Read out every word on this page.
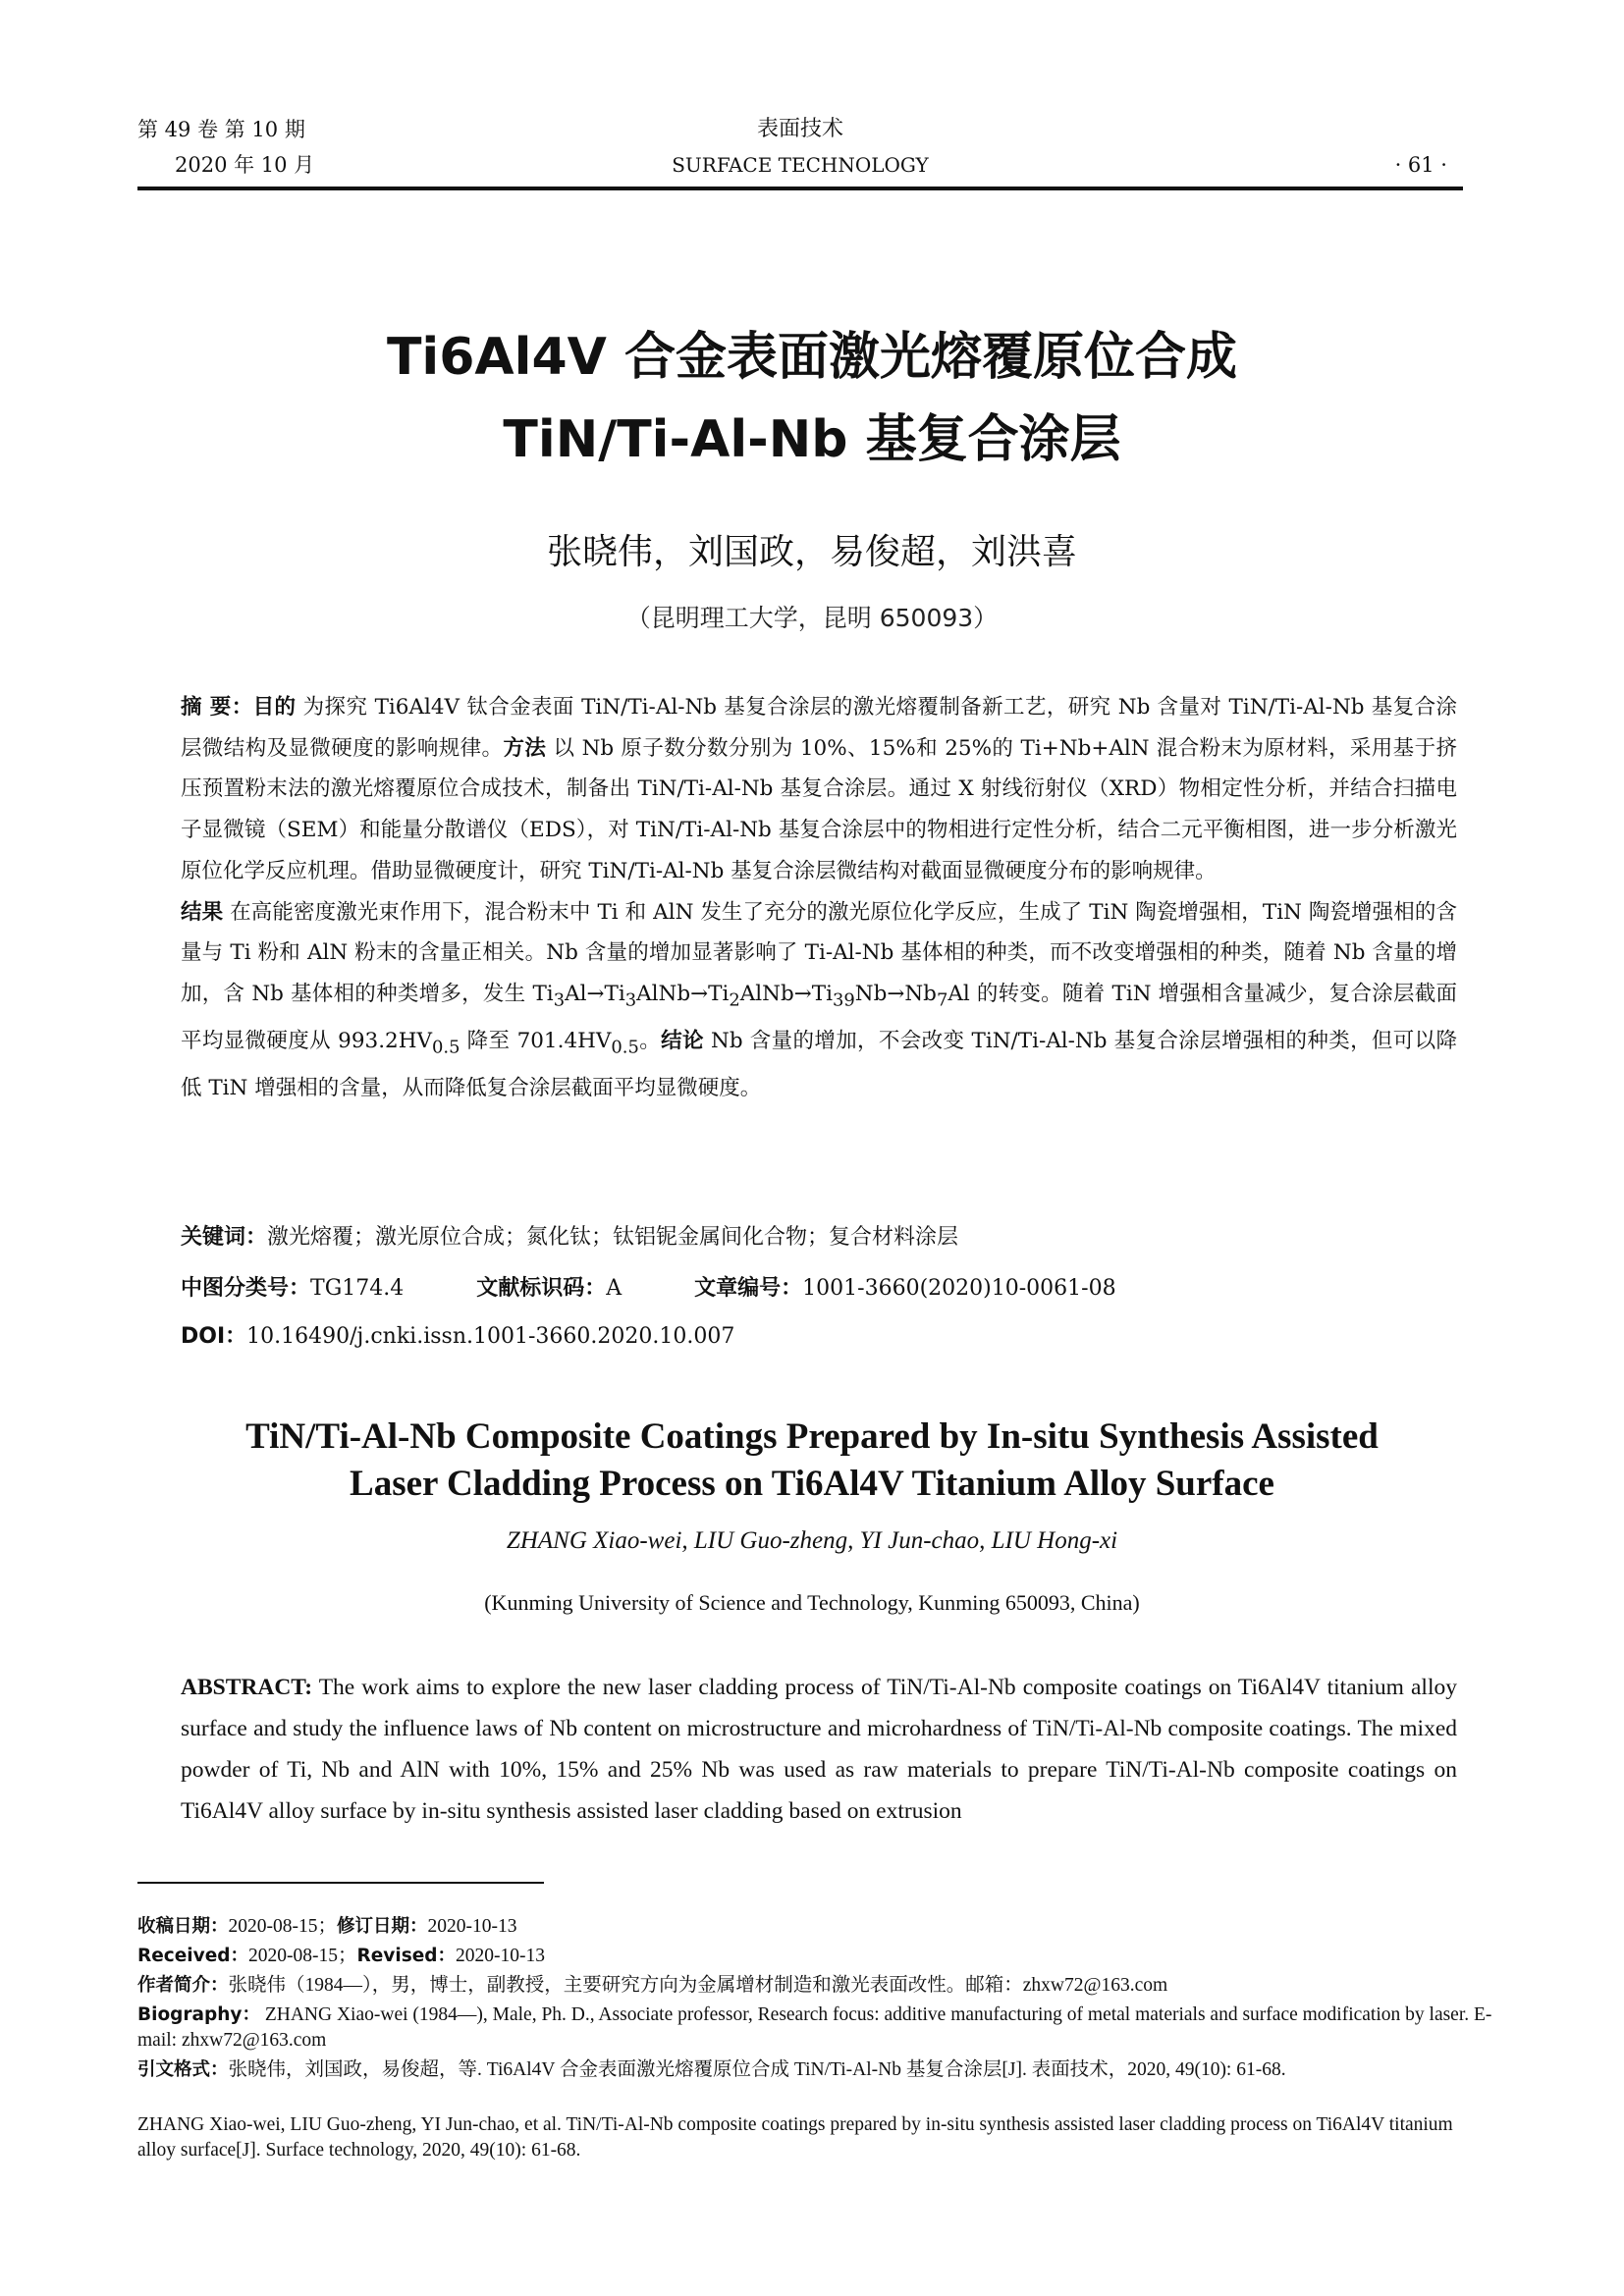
第 49 卷 第 10 期
2020 年 10 月
表面技术
SURFACE TECHNOLOGY	· 61 ·
Ti6Al4V 合金表面激光熔覆原位合成
TiN/Ti-Al-Nb 基复合涂层
张晓伟，刘国政，易俊超，刘洪喜
（昆明理工大学，昆明 650093）
摘 要：目的 为探究 Ti6Al4V 钛合金表面 TiN/Ti-Al-Nb 基复合涂层的激光熔覆制备新工艺，研究 Nb 含量对 TiN/Ti-Al-Nb 基复合涂层微结构及显微硬度的影响规律。方法 以 Nb 原子数分数分别为 10%、15%和 25%的 Ti+Nb+AlN 混合粉末为原材料，采用基于挤压预置粉末法的激光熔覆原位合成技术，制备出 TiN/Ti-Al-Nb 基复合涂层。通过 X 射线衍射仪（XRD）物相定性分析，并结合扫描电子显微镜（SEM）和能量分散谱仪（EDS），对 TiN/Ti-Al-Nb 基复合涂层中的物相进行定性分析，结合二元平衡相图，进一步分析激光原位化学反应机理。借助显微硬度计，研究 TiN/Ti-Al-Nb 基复合涂层微结构对截面显微硬度分布的影响规律。
结果 在高能密度激光束作用下，混合粉末中 Ti 和 AlN 发生了充分的激光原位化学反应，生成了 TiN 陶瓷增强相，TiN 陶瓷增强相的含量与 Ti 粉和 AlN 粉末的含量正相关。Nb 含量的增加显著影响了 Ti-Al-Nb 基体相的种类，而不改变增强相的种类，随着 Nb 含量的增加，含 Nb 基体相的种类增多，发生 $Ti_3Al\to Ti_3AlNb\to Ti_2AlNb\to Ti_{39}Nb\to Nb_7Al$ 的转变。随着 TiN 增强相含量减少，复合涂层截面平均显微硬度从 $993.2HV_{0.5}$ 降至 $701.4HV_{0.5}$。结论 Nb 含量的增加，不会改变 TiN/Ti-Al-Nb 基复合涂层增强相的种类，但可以降低 TiN 增强相的含量，从而降低复合涂层截面平均显微硬度。
关键词：激光熔覆；激光原位合成；氮化钛；钛铝铌金属间化合物；复合材料涂层
中图分类号：TG174.4	文献标识码：A	文章编号：1001-3660(2020)10-0061-08
DOI：10.16490/j.cnki.issn.1001-3660.2020.10.007
TiN/Ti-Al-Nb Composite Coatings Prepared by In-situ Synthesis Assisted
Laser Cladding Process on Ti6Al4V Titanium Alloy Surface
ZHANG Xiao-wei, LIU Guo-zheng, YI Jun-chao, LIU Hong-xi
(Kunming University of Science and Technology, Kunming 650093, China)
ABSTRACT: The work aims to explore the new laser cladding process of TiN/Ti-Al-Nb composite coatings on Ti6Al4V titanium alloy surface and study the influence laws of Nb content on microstructure and microhardness of TiN/Ti-Al-Nb composite coatings. The mixed powder of Ti, Nb and AlN with 10%, 15% and 25% Nb was used as raw materials to prepare TiN/Ti-Al-Nb composite coatings on Ti6Al4V alloy surface by in-situ synthesis assisted laser cladding based on extrusion
收稿日期：2020-08-15；修订日期：2020-10-13
Received：2020-08-15；Revised：2020-10-13
作者简介：张晓伟（1984—），男，博士，副教授，主要研究方向为金属增材制造和激光表面改性。邮箱：zhxw72@163.com
Biography： ZHANG Xiao-wei (1984—), Male, Ph. D., Associate professor, Research focus: additive manufacturing of metal materials and surface modification by laser. E-mail: zhxw72@163.com
引文格式：张晓伟，刘国政，易俊超，等. Ti6Al4V 合金表面激光熔覆原位合成 TiN/Ti-Al-Nb 基复合涂层[J]. 表面技术，2020, 49(10): 61-68.
ZHANG Xiao-wei, LIU Guo-zheng, YI Jun-chao, et al. TiN/Ti-Al-Nb composite coatings prepared by in-situ synthesis assisted laser cladding process on Ti6Al4V titanium alloy surface[J]. Surface technology, 2020, 49(10): 61-68.
